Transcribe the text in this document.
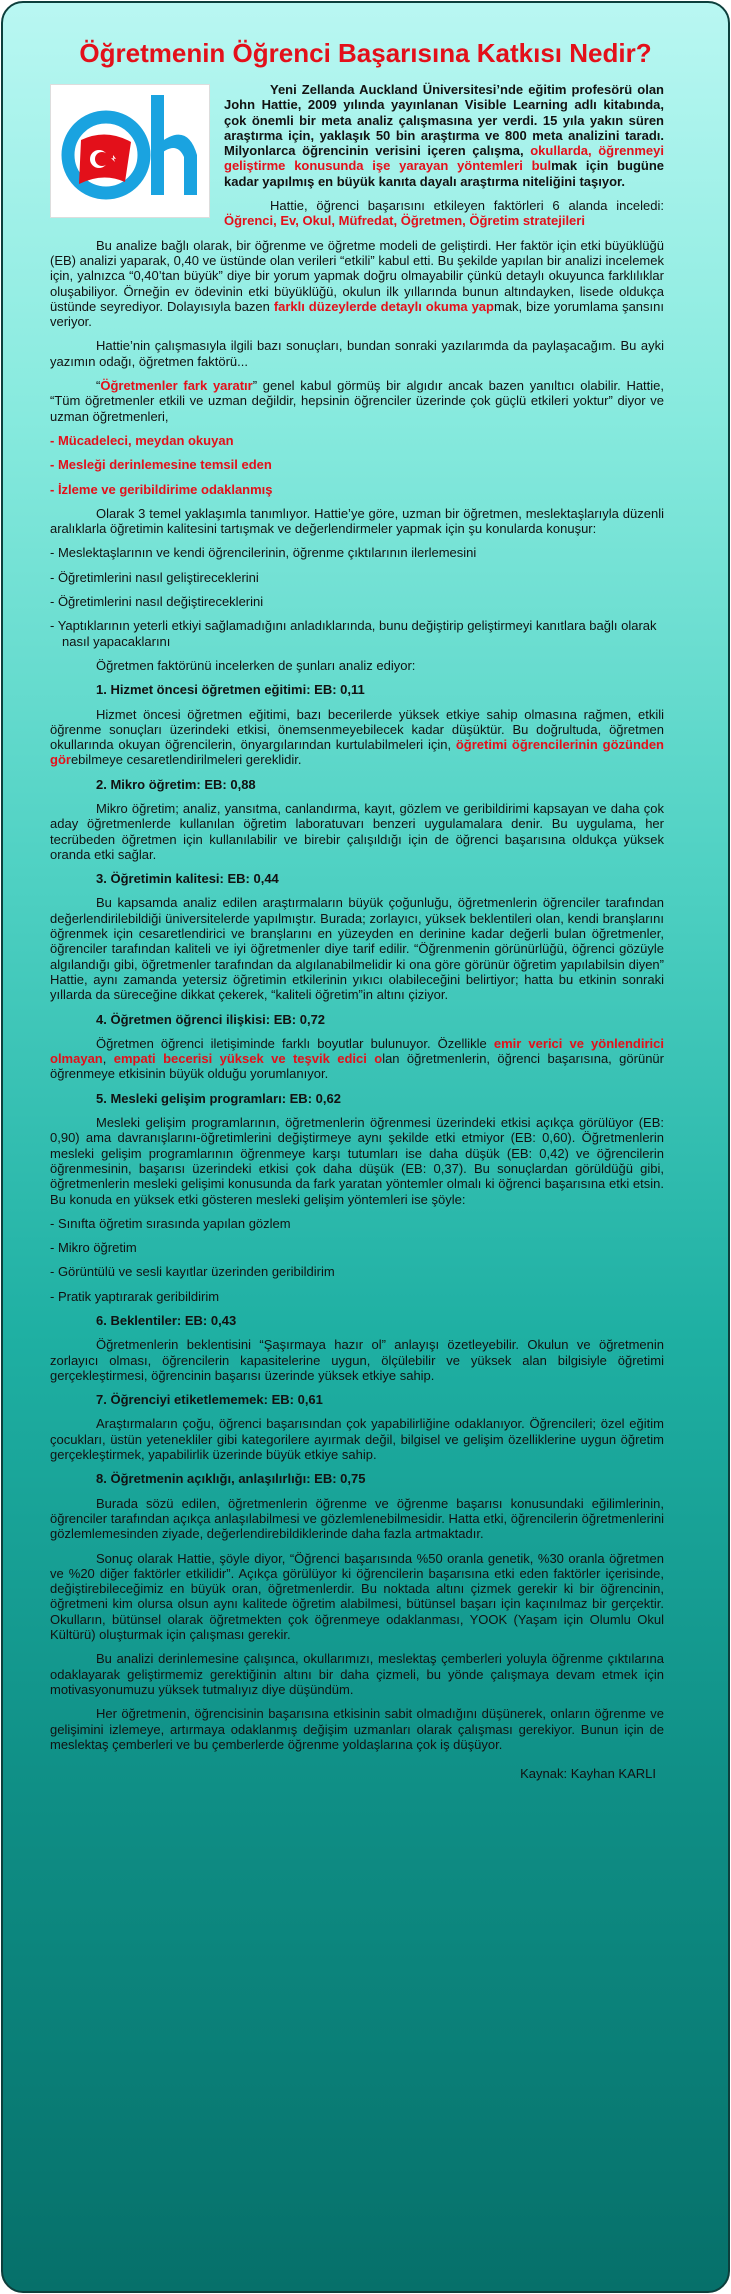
Öğretmenin Öğrenci Başarısına Katkısı Nedir?

Yeni Zellanda Auckland Üniversitesi’nde eğitim profesörü olan John Hattie, 2009 yılında yayınlanan Visible Learning adlı kitabında, çok önemli bir meta analiz çalışmasına yer verdi. 15 yıla yakın süren araştırma için, yaklaşık 50 bin araştırma ve 800 meta analizini taradı. Milyonlarca öğrencinin verisini içeren çalışma, okullarda, öğrenmeyi geliştirme konusunda işe yarayan yöntemleri bulmak için bugüne kadar yapılmış en büyük kanıta dayalı araştırma niteliğini taşıyor.

Hattie, öğrenci başarısını etkileyen faktörleri 6 alanda inceledi: Öğrenci, Ev, Okul, Müfredat, Öğretmen, Öğretim stratejileri

Bu analize bağlı olarak, bir öğrenme ve öğretme modeli de geliştirdi. Her faktör için etki büyüklüğü (EB) analizi yaparak, 0,40 ve üstünde olan verileri “etkili” kabul etti. Bu şekilde yapılan bir analizi incelemek için, yalnızca “0,40’tan büyük” diye bir yorum yapmak doğru olmayabilir çünkü detaylı okuyunca farklılıklar oluşabiliyor. Örneğin ev ödevinin etki büyüklüğü, okulun ilk yıllarında bunun altındayken, lisede oldukça üstünde seyrediyor. Dolayısıyla bazen farklı düzeylerde detaylı okuma yapmak, bize yorumlama şansını veriyor.

Hattie’nin çalışmasıyla ilgili bazı sonuçları, bundan sonraki yazılarımda da paylaşacağım. Bu ayki yazımın odağı, öğretmen faktörü...

“Öğretmenler fark yaratır” genel kabul görmüş bir algıdır ancak bazen yanıltıcı olabilir. Hattie, “Tüm öğretmenler etkili ve uzman değildir, hepsinin öğrenciler üzerinde çok güçlü etkileri yoktur” diyor ve uzman öğretmenleri,

- Mücadeleci, meydan okuyan
- Mesleği derinlemesine temsil eden
- İzleme ve geribildirime odaklanmış

Olarak 3 temel yaklaşımla tanımlıyor. Hattie’ye göre, uzman bir öğretmen, meslektaşlarıyla düzenli aralıklarla öğretimin kalitesini tartışmak ve değerlendirmeler yapmak için şu konularda konuşur:

- Meslektaşlarının ve kendi öğrencilerinin, öğrenme çıktılarının ilerlemesini
- Öğretimlerini nasıl geliştireceklerini
- Öğretimlerini nasıl değiştireceklerini
- Yaptıklarının yeterli etkiyi sağlamadığını anladıklarında, bunu değiştirip geliştirmeyi kanıtlara bağlı olarak nasıl yapacaklarını

Öğretmen faktörünü incelerken de şunları analiz ediyor:

1. Hizmet öncesi öğretmen eğitimi: EB: 0,11

Hizmet öncesi öğretmen eğitimi, bazı becerilerde yüksek etkiye sahip olmasına rağmen, etkili öğrenme sonuçları üzerindeki etkisi, önemsenmeyebilecek kadar düşüktür. Bu doğrultuda, öğretmen okullarında okuyan öğrencilerin, önyargılarından kurtulabilmeleri için, öğretimi öğrencilerinin gözünden görebilmeye cesaretlendirilmeleri gereklidir.

2. Mikro öğretim: EB: 0,88

Mikro öğretim; analiz, yansıtma, canlandırma, kayıt, gözlem ve geribildirimi kapsayan ve daha çok aday öğretmenlerde kullanılan öğretim laboratuvarı benzeri uygulamalara denir. Bu uygulama, her tecrübeden öğretmen için kullanılabilir ve birebir çalışıldığı için de öğrenci başarısına oldukça yüksek oranda etki sağlar.

3. Öğretimin kalitesi: EB: 0,44

Bu kapsamda analiz edilen araştırmaların büyük çoğunluğu, öğretmenlerin öğrenciler tarafından değerlendirilebildiği üniversitelerde yapılmıştır. Burada; zorlayıcı, yüksek beklentileri olan, kendi branşlarını öğrenmek için cesaretlendirici ve branşlarını en yüzeyden en derinine kadar değerli bulan öğretmenler, öğrenciler tarafından kaliteli ve iyi öğretmenler diye tarif edilir. “Öğrenmenin görünürlüğü, öğrenci gözüyle algılandığı gibi, öğretmenler tarafından da algılanabilmelidir ki ona göre görünür öğretim yapılabilsin diyen” Hattie, aynı zamanda yetersiz öğretimin etkilerinin yıkıcı olabileceğini belirtiyor; hatta bu etkinin sonraki yıllarda da süreceğine dikkat çekerek, “kaliteli öğretim”in altını çiziyor.

4. Öğretmen öğrenci ilişkisi: EB: 0,72

Öğretmen öğrenci iletişiminde farklı boyutlar bulunuyor. Özellikle emir verici ve yönlendirici olmayan, empati becerisi yüksek ve teşvik edici olan öğretmenlerin, öğrenci başarısına, görünür öğrenmeye etkisinin büyük olduğu yorumlanıyor.

5. Mesleki gelişim programları: EB: 0,62

Mesleki gelişim programlarının, öğretmenlerin öğrenmesi üzerindeki etkisi açıkça görülüyor (EB: 0,90) ama davranışlarını-öğretimlerini değiştirmeye aynı şekilde etki etmiyor (EB: 0,60). Öğretmenlerin mesleki gelişim programlarının öğrenmeye karşı tutumları ise daha düşük (EB: 0,42) ve öğrencilerin öğrenmesinin, başarısı üzerindeki etkisi çok daha düşük (EB: 0,37). Bu sonuçlardan görüldüğü gibi, öğretmenlerin mesleki gelişimi konusunda da fark yaratan yöntemler olmalı ki öğrenci başarısına etki etsin. Bu konuda en yüksek etki gösteren mesleki gelişim yöntemleri ise şöyle:

- Sınıfta öğretim sırasında yapılan gözlem
- Mikro öğretim
- Görüntülü ve sesli kayıtlar üzerinden geribildirim
- Pratik yaptırarak geribildirim
6. Beklentiler: EB: 0,43

Öğretmenlerin beklentisini “Şaşırmaya hazır ol” anlayışı özetleyebilir. Okulun ve öğretmenin zorlayıcı olması, öğrencilerin kapasitelerine uygun, ölçülebilir ve yüksek alan bilgisiyle öğretimi gerçekleştirmesi, öğrencinin başarısı üzerinde yüksek etkiye sahip.

7. Öğrenciyi etiketlememek: EB: 0,61

Araştırmaların çoğu, öğrenci başarısından çok yapabilirliğine odaklanıyor. Öğrencileri; özel eğitim çocukları, üstün yetenekliler gibi kategorilere ayırmak değil, bilgisel ve gelişim özelliklerine uygun öğretim gerçekleştirmek, yapabilirlik üzerinde büyük etkiye sahip.

8. Öğretmenin açıklığı, anlaşılırlığı: EB: 0,75

Burada sözü edilen, öğretmenlerin öğrenme ve öğrenme başarısı konusundaki eğilimlerinin, öğrenciler tarafından açıkça anlaşılabilmesi ve gözlemlenebilmesidir. Hatta etki, öğrencilerin öğretmenlerini gözlemlemesinden ziyade, değerlendirebildiklerinde daha fazla artmaktadır.

Sonuç olarak Hattie, şöyle diyor, “Öğrenci başarısında %50 oranla genetik, %30 oranla öğretmen ve %20 diğer faktörler etkilidir”. Açıkça görülüyor ki öğrencilerin başarısına etki eden faktörler içerisinde, değiştirebileceğimiz en büyük oran, öğretmenlerdir. Bu noktada altını çizmek gerekir ki bir öğrencinin, öğretmeni kim olursa olsun aynı kalitede öğretim alabilmesi, bütünsel başarı için kaçınılmaz bir gerçektir. Okulların, bütünsel olarak öğretmekten çok öğrenmeye odaklanması, YOOK (Yaşam için Olumlu Okul Kültürü) oluşturmak için çalışması gerekir.

Bu analizi derinlemesine çalışınca, okullarımızı, meslektaş çemberleri yoluyla öğrenme çıktılarına odaklayarak geliştirmemiz gerektiğinin altını bir daha çizmeli, bu yönde çalışmaya devam etmek için motivasyonumuzu yüksek tutmalıyız diye düşündüm.

Her öğretmenin, öğrencisinin başarısına etkisinin sabit olmadığını düşünerek, onların öğrenme ve gelişimini izlemeye, artırmaya odaklanmış değişim uzmanları olarak çalışması gerekiyor. Bunun için de meslektaş çemberleri ve bu çemberlerde öğrenme yoldaşlarına çok iş düşüyor.

Kaynak: Kayhan KARLI
